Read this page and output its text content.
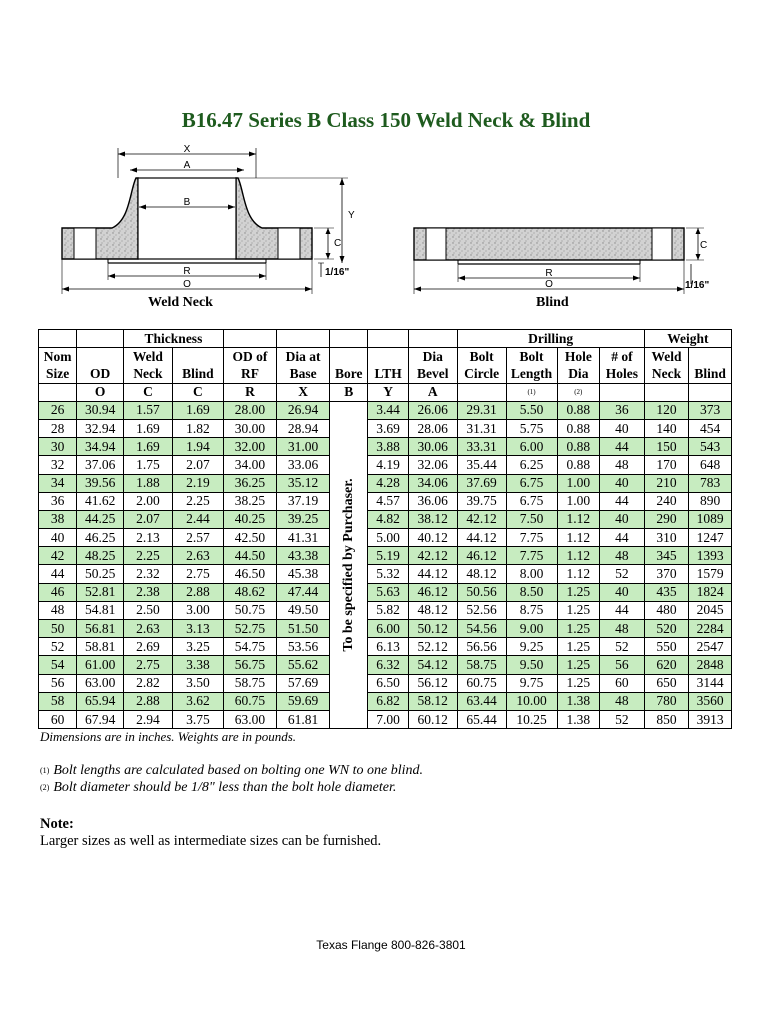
B16.47 Series B Class 150 Weld Neck & Blind
X
A
B
Y
C
R
O
1/16"
Weld Neck
C
R
O	1/16"
Blind
		Thickness							Drilling				Weight	
Nom		Weld		OD of	Dia at			Dia	Bolt	Bolt	Hole	# of	Weld	
Size	OD	Neck	Blind	RF	Base	Bore	LTH	Bevel	Circle	Length	Dia	Holes	Neck	Blind
	O	C	C	R	X	B	Y	A		(1)	(2)			
26	30.94	1.57	1.69	28.00	26.94	To be specified by Purchaser.	3.44	26.06	29.31	5.50	0.88	36	120	373
28	32.94	1.69	1.82	30.00	28.94		3.69	28.06	31.31	5.75	0.88	40	140	454
30	34.94	1.69	1.94	32.00	31.00		3.88	30.06	33.31	6.00	0.88	44	150	543
32	37.06	1.75	2.07	34.00	33.06		4.19	32.06	35.44	6.25	0.88	48	170	648
34	39.56	1.88	2.19	36.25	35.12		4.28	34.06	37.69	6.75	1.00	40	210	783
36	41.62	2.00	2.25	38.25	37.19		4.57	36.06	39.75	6.75	1.00	44	240	890
38	44.25	2.07	2.44	40.25	39.25		4.82	38.12	42.12	7.50	1.12	40	290	1089
40	46.25	2.13	2.57	42.50	41.31		5.00	40.12	44.12	7.75	1.12	44	310	1247
42	48.25	2.25	2.63	44.50	43.38		5.19	42.12	46.12	7.75	1.12	48	345	1393
44	50.25	2.32	2.75	46.50	45.38		5.32	44.12	48.12	8.00	1.12	52	370	1579
46	52.81	2.38	2.88	48.62	47.44		5.63	46.12	50.56	8.50	1.25	40	435	1824
48	54.81	2.50	3.00	50.75	49.50		5.82	48.12	52.56	8.75	1.25	44	480	2045
50	56.81	2.63	3.13	52.75	51.50		6.00	50.12	54.56	9.00	1.25	48	520	2284
52	58.81	2.69	3.25	54.75	53.56		6.13	52.12	56.56	9.25	1.25	52	550	2547
54	61.00	2.75	3.38	56.75	55.62		6.32	54.12	58.75	9.50	1.25	56	620	2848
56	63.00	2.82	3.50	58.75	57.69		6.50	56.12	60.75	9.75	1.25	60	650	3144
58	65.94	2.88	3.62	60.75	59.69		6.82	58.12	63.44	10.00	1.38	48	780	3560
60	67.94	2.94	3.75	63.00	61.81		7.00	60.12	65.44	10.25	1.38	52	850	3913
Dimensions are in inches. Weights are in pounds.
$^{(1)}$ Bolt lengths are calculated based on bolting one WN to one blind.
$^{(2)}$ Bolt diameter should be 1/8" less than the bolt hole diameter.
Note:
Larger sizes as well as intermediate sizes can be furnished.
Texas Flange 800-826-3801
